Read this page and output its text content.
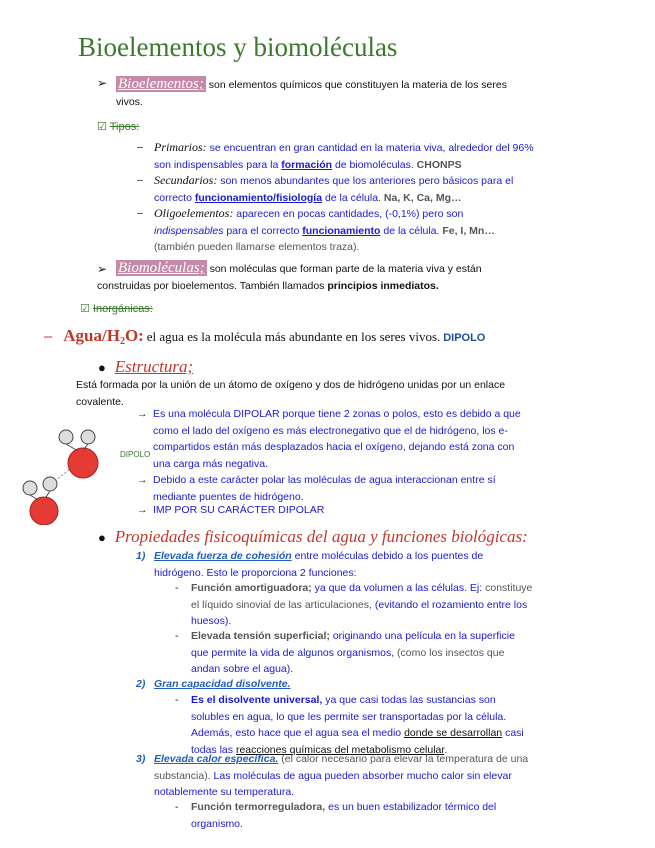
Bioelementos y biomoléculas
➢ Bioelementos; son elementos químicos que constituyen la materia de los seres
vivos.
☑ Tipos:
– Primarios: se encuentran en gran cantidad en la materia viva, alrededor del 96%
son indispensables para la formación de biomoléculas. CHONPS
– Secundarios: son menos abundantes que los anteriores pero básicos para el
correcto funcionamiento/fisiología de la célula. Na, K, Ca, Mg…
– Oligoelementos: aparecen en pocas cantidades, (-0,1%) pero son
indispensables para el correcto funcionamiento de la célula. Fe, I, Mn…
(también pueden llamarse elementos traza).
➢ Biomoléculas; son moléculas que forman parte de la materia viva y están
construidas por bioelementos. También llamados principios inmediatos.
☑ Inorgánicas:
– Agua/$H_2O$: el agua es la molécula más abundante en los seres vivos. DIPOLO
● Estructura;
Está formada por la unión de un átomo de oxígeno y dos de hidrógeno unidas por un enlace
covalente.
DIPOLO
→ Es una molécula DIPOLAR porque tiene 2 zonas o polos, esto es debido a que
como el lado del oxígeno es más electronegativo que el de hidrógeno, los e-
compartidos están más desplazados hacia el oxígeno, dejando está zona con
una carga más negativa.
→ Debido a este carácter polar las moléculas de agua interaccionan entre sí
mediante puentes de hidrógeno.
→ IMP POR SU CARÁCTER DIPOLAR
● Propiedades fisicoquímicas del agua y funciones biológicas:
1) Elevada fuerza de cohesión entre moléculas debido a los puentes de
hidrógeno. Esto le proporciona 2 funciones:
- Función amortiguadora; ya que da volumen a las células. Ej: constituye
el líquido sinovial de las articulaciones, (evitando el rozamiento entre los
huesos).
- Elevada tensión superficial; originando una película en la superficie
que permite la vida de algunos organismos, (como los insectos que
andan sobre el agua).
2) Gran capacidad disolvente.
- Es el disolvente universal, ya que casi todas las sustancias son
solubles en agua, lo que les permite ser transportadas por la célula.
Además, esto hace que el agua sea el medio donde se desarrollan casi
todas las reacciones químicas del metabolismo celular.
3) Elevada calor específica. (el calor necesario para elevar la temperatura de una
substancia). Las moléculas de agua pueden absorber mucho calor sin elevar
notablemente su temperatura.
- Función termorreguladora, es un buen estabilizador térmico del
organismo.
